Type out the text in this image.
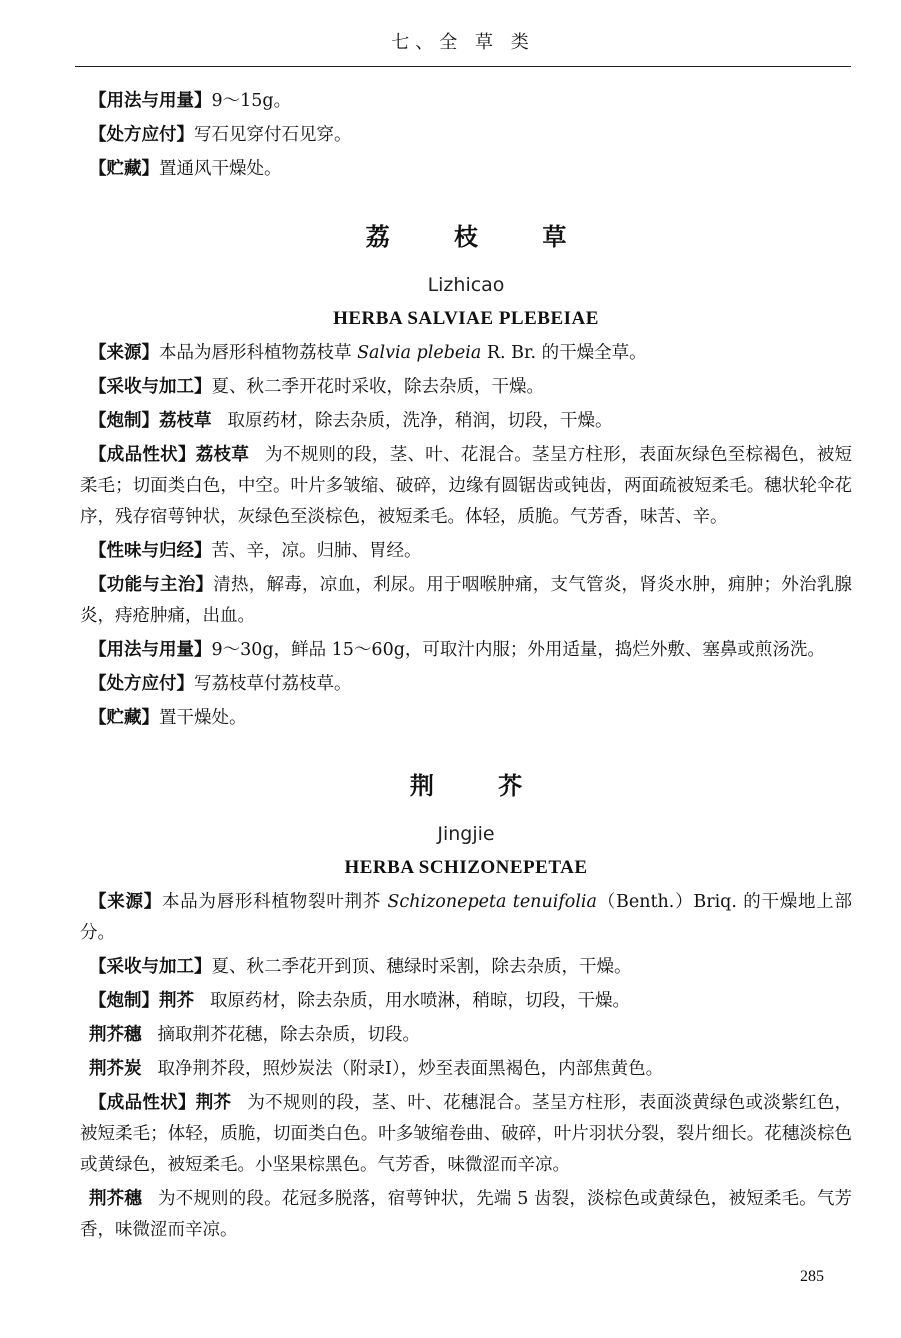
七、全 草 类

【用法与用量】9～15g。

【处方应付】写石见穿付石见穿。

【贮藏】置通风干燥处。

荔 枝 草
Lizhicao
HERBA SALVIAE PLEBEIAE

【来源】本品为唇形科植物荔枝草 Salvia plebeia R. Br. 的干燥全草。

【采收与加工】夏、秋二季开花时采收，除去杂质，干燥。

【炮制】荔枝草 取原药材，除去杂质，洗净，稍润，切段，干燥。

【成品性状】荔枝草 为不规则的段，茎、叶、花混合。茎呈方柱形，表面灰绿色至棕褐色，被短柔毛；切面类白色，中空。叶片多皱缩、破碎，边缘有圆锯齿或钝齿，两面疏被短柔毛。穗状轮伞花序，残存宿萼钟状，灰绿色至淡棕色，被短柔毛。体轻，质脆。气芳香，味苦、辛。

【性味与归经】苦、辛，凉。归肺、胃经。

【功能与主治】清热，解毒，凉血，利尿。用于咽喉肿痛，支气管炎，肾炎水肿，痈肿；外治乳腺炎，痔疮肿痛，出血。

【用法与用量】9～30g，鲜品 15～60g，可取汁内服；外用适量，捣烂外敷、塞鼻或煎汤洗。

【处方应付】写荔枝草付荔枝草。

【贮藏】置干燥处。

荆 芥
Jingjie
HERBA SCHIZONEPETAE

【来源】本品为唇形科植物裂叶荆芥 Schizonepeta tenuifolia（Benth.）Briq. 的干燥地上部分。

【采收与加工】夏、秋二季花开到顶、穗绿时采割，除去杂质，干燥。

【炮制】荆芥 取原药材，除去杂质，用水喷淋，稍晾，切段，干燥。

荆芥穗 摘取荆芥花穗，除去杂质，切段。

荆芥炭 取净荆芥段，照炒炭法（附录Ⅰ），炒至表面黑褐色，内部焦黄色。

【成品性状】荆芥 为不规则的段，茎、叶、花穗混合。茎呈方柱形，表面淡黄绿色或淡紫红色，被短柔毛；体轻，质脆，切面类白色。叶多皱缩卷曲、破碎，叶片羽状分裂，裂片细长。花穗淡棕色或黄绿色，被短柔毛。小坚果棕黑色。气芳香，味微涩而辛凉。

荆芥穗 为不规则的段。花冠多脱落，宿萼钟状，先端 5 齿裂，淡棕色或黄绿色，被短柔毛。气芳香，味微涩而辛凉。

285
